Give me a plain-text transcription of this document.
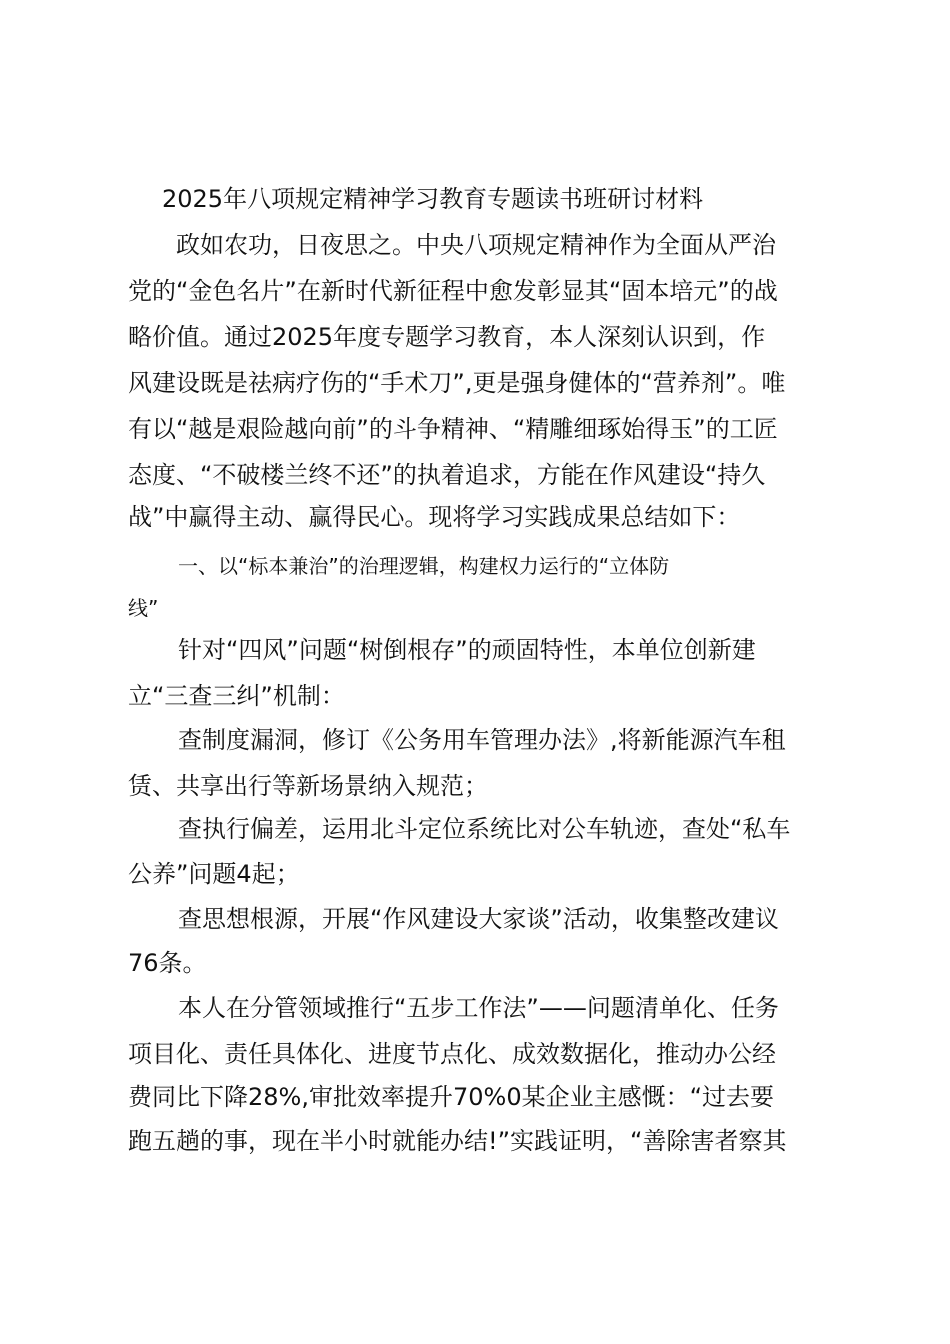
2025年八项规定精神学习教育专题读书班研讨材料
政如农功，日夜思之。中央八项规定精神作为全面从严治
党的“金色名片”在新时代新征程中愈发彰显其“固本培元”的战
略价值。通过2025年度专题学习教育，本人深刻认识到，作
风建设既是祛病疗伤的“手术刀”,更是强身健体的“营养剂”。唯
有以“越是艰险越向前”的斗争精神、“精雕细琢始得玉”的工匠
态度、“不破楼兰终不还”的执着追求，方能在作风建设“持久
战”中赢得主动、赢得民心。现将学习实践成果总结如下：
一、以“标本兼治”的治理逻辑，构建权力运行的“立体防
线”
针对“四风”问题“树倒根存”的顽固特性，本单位创新建
立“三查三纠”机制：
查制度漏洞，修订《公务用车管理办法》,将新能源汽车租
赁、共享出行等新场景纳入规范；
查执行偏差，运用北斗定位系统比对公车轨迹，查处“私车
公养”问题4起；
查思想根源，开展“作风建设大家谈”活动，收集整改建议
76条。
本人在分管领域推行“五步工作法”——问题清单化、任务
项目化、责任具体化、进度节点化、成效数据化，推动办公经
费同比下降28%,审批效率提升70%0某企业主感慨：“过去要
跑五趟的事，现在半小时就能办结!”实践证明，“善除害者察其
